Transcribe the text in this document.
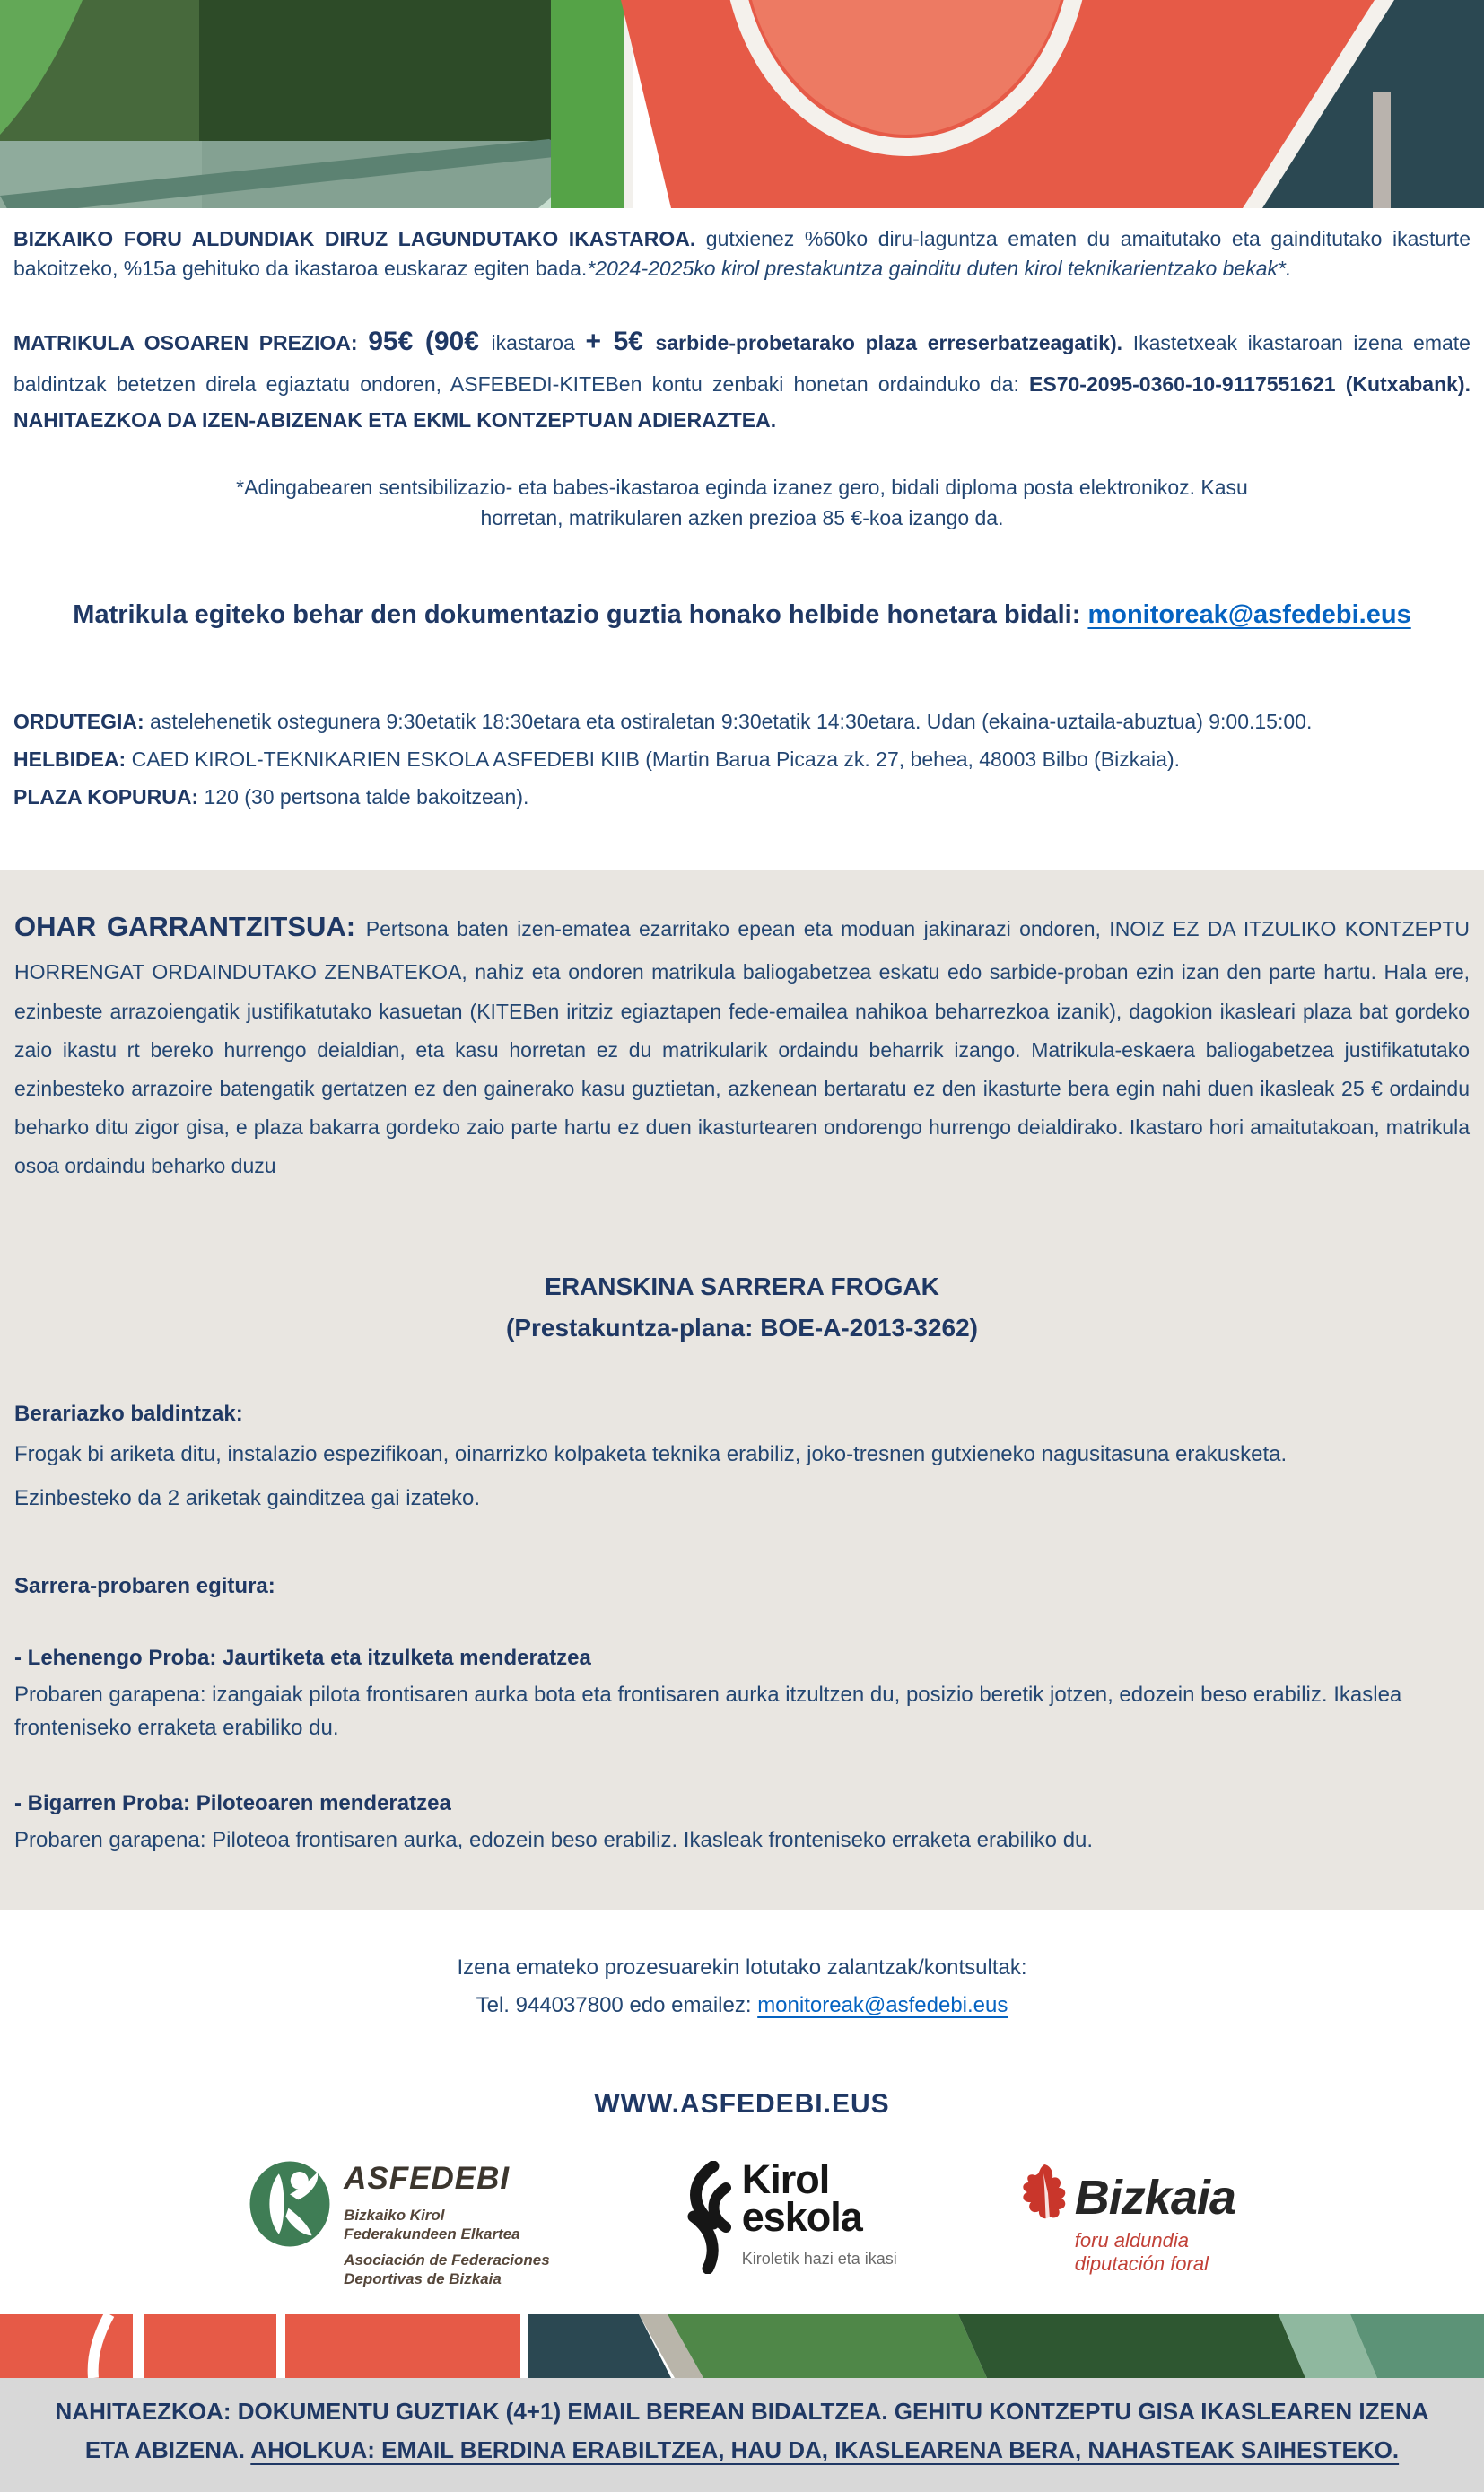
BIZKAIKO FORU ALDUNDIAK DIRUZ LAGUNDUTAKO IKASTAROA. gutxienez %60ko diru-laguntza ematen du amaitutako eta gainditutako ikasturte bakoitzeko, %15a gehituko da ikastaroa euskaraz egiten bada.*2024-2025ko kirol prestakuntza gainditu duten kirol teknikarientzako bekak*.

MATRIKULA OSOAREN PREZIOA: 95€ (90€ ikastaroa + 5€ sarbide-probetarako plaza erreserbatzeagatik). Ikastetxeak ikastaroan izena emate baldintzak betetzen direla egiaztatu ondoren, ASFEBEDI-KITEBen kontu zenbaki honetan ordainduko da: ES70-2095-0360-10-9117551621 (Kutxabank). NAHITAEZKOA DA IZEN-ABIZENAK ETA EKML KONTZEPTUAN ADIERAZTEA.

*Adingabearen sentsibilizazio- eta babes-ikastaroa eginda izanez gero, bidali diploma posta elektronikoz. Kasu horretan, matrikularen azken prezioa 85 €-koa izango da.

Matrikula egiteko behar den dokumentazio guztia honako helbide honetara bidali: monitoreak@asfedebi.eus

ORDUTEGIA: astelehenetik ostegunera 9:30etatik 18:30etara eta ostiraletan 9:30etatik 14:30etara. Udan (ekaina-uztaila-abuztua) 9:00.15:00.

HELBIDEA: CAED KIROL-TEKNIKARIEN ESKOLA ASFEDEBI KIIB (Martin Barua Picaza zk. 27, behea, 48003 Bilbo (Bizkaia).

PLAZA KOPURUA: 120 (30 pertsona talde bakoitzean).

OHAR GARRANTZITSUA: Pertsona baten izen-ematea ezarritako epean eta moduan jakinarazi ondoren, INOIZ EZ DA ITZULIKO KONTZEPTU HORRENGAT ORDAINDUTAKO ZENBATEKOA, nahiz eta ondoren matrikula baliogabetzea eskatu edo sarbide-proban ezin izan den parte hartu. Hala ere, ezinbeste arrazoiengatik justifikatutako kasuetan (KITEBen iritziz egiaztapen fede-emailea nahikoa beharrezkoa izanik), dagokion ikasleari plaza bat gordeko zaio ikastu rt bereko hurrengo deialdian, eta kasu horretan ez du matrikularik ordaindu beharrik izango. Matrikula-eskaera baliogabetzea justifikatutako ezinbesteko arrazoire batengatik gertatzen ez den gainerako kasu guztietan, azkenean bertaratu ez den ikasturte bera egin nahi duen ikasleak 25 € ordaindu beharko ditu zigor gisa, e plaza bakarra gordeko zaio parte hartu ez duen ikasturtearen ondorengo hurrengo deialdirako. Ikastaro hori amaitutakoan, matrikula osoa ordaindu beharko duzu

ERANSKINA SARRERA FROGAK
(Prestakuntza-plana: BOE-A-2013-3262)

Berariazko baldintzak:

Frogak bi ariketa ditu, instalazio espezifikoan, oinarrizko kolpaketa teknika erabiliz, joko-tresnen gutxieneko nagusitasuna erakusketa.

Ezinbesteko da 2 ariketak gainditzea gai izateko.

Sarrera-probaren egitura:

- Lehenengo Proba: Jaurtiketa eta itzulketa menderatzea

Probaren garapena: izangaiak pilota frontisaren aurka bota eta frontisaren aurka itzultzen du, posizio beretik jotzen, edozein beso erabiliz. Ikaslea fronteniseko erraketa erabiliko du.

- Bigarren Proba: Piloteoaren menderatzea

Probaren garapena: Piloteoa frontisaren aurka, edozein beso erabiliz. Ikasleak fronteniseko erraketa erabiliko du.

Izena emateko prozesuarekin lotutako zalantzak/kontsultak:

Tel. 944037800 edo emailez: monitoreak@asfedebi.eus

WWW.ASFEDEBI.EUS
ASFEDEBI
Bizkaiko Kirol
Federakundeen Elkartea
Asociación de Federaciones
Deportivas de Bizkaia
Kirol
eskola
Kiroletik hazi eta ikasi
Bizkaia
foru aldundia
diputación foral

NAHITAEZKOA: DOKUMENTU GUZTIAK (4+1) EMAIL BEREAN BIDALTZEA. GEHITU KONTZEPTU GISA IKASLEAREN IZENA ETA ABIZENA. AHOLKUA: EMAIL BERDINA ERABILTZEA, HAU DA, IKASLEARENA BERA, NAHASTEAK SAIHESTEKO.
